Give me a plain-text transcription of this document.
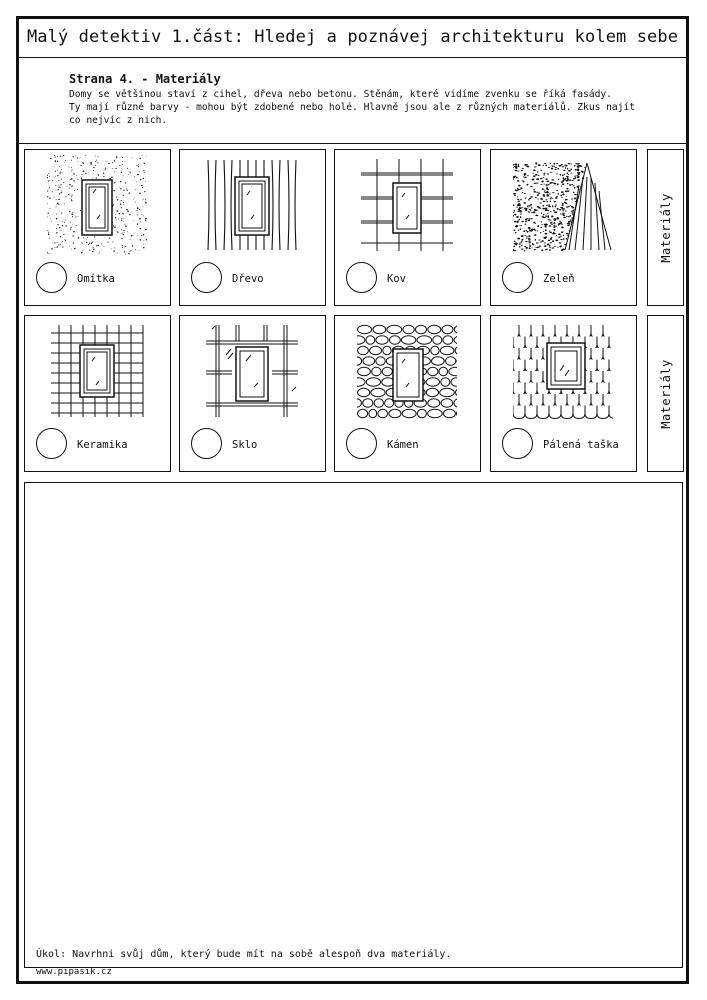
Malý detektiv 1.část: Hledej a poznávej architekturu kolem sebe
Strana 4. - Materiály

Domy se většinou staví z cihel, dřeva nebo betonu. Stěnám, které vidíme zvenku se říká fasády.
Ty mají různé barvy - mohou být zdobené nebo holé. Hlavně jsou ale z různých materiálů. Zkus najít
co nejvíc z nich.

Omítka	Dřevo	Kov	Zeleň
Materiály
Keramika	Sklo	Kámen	Pálená taška
Materiály
Úkol: Navrhni svůj dům, který bude mít na sobě alespoň dva materiály.
www.pipasik.cz
